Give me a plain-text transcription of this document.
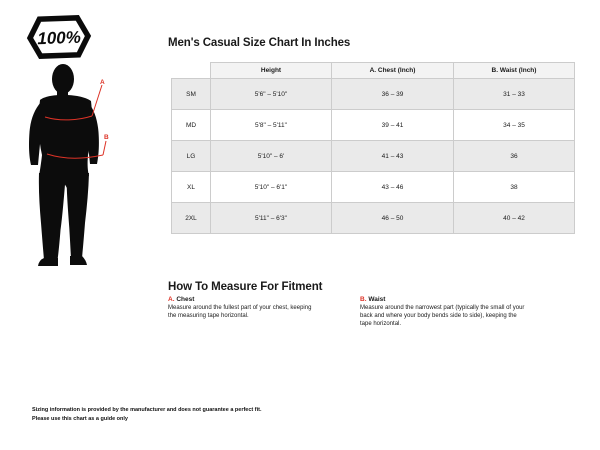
100%
A
B
Men's Casual Size Chart In Inches
	Height	A. Chest (Inch)	B. Waist (Inch)
SM	5'6" – 5'10"	36 – 39	31 – 33
MD	5'8" – 5'11"	39 – 41	34 – 35
LG	5'10" – 6'	41 – 43	36
XL	5'10" – 6'1"	43 – 46	38
2XL	5'11" – 6'3"	46 – 50	40 – 42
How To Measure For Fitment
A. Chest
Measure around the fullest part of your chest, keeping the measuring tape horizontal.
B. Waist
Measure around the narrowest part (typically the small of your back and where your body bends side to side), keeping the tape horizontal.
Sizing information is provided by the manufacturer and does not guarantee a perfect fit.
Please use this chart as a guide only
